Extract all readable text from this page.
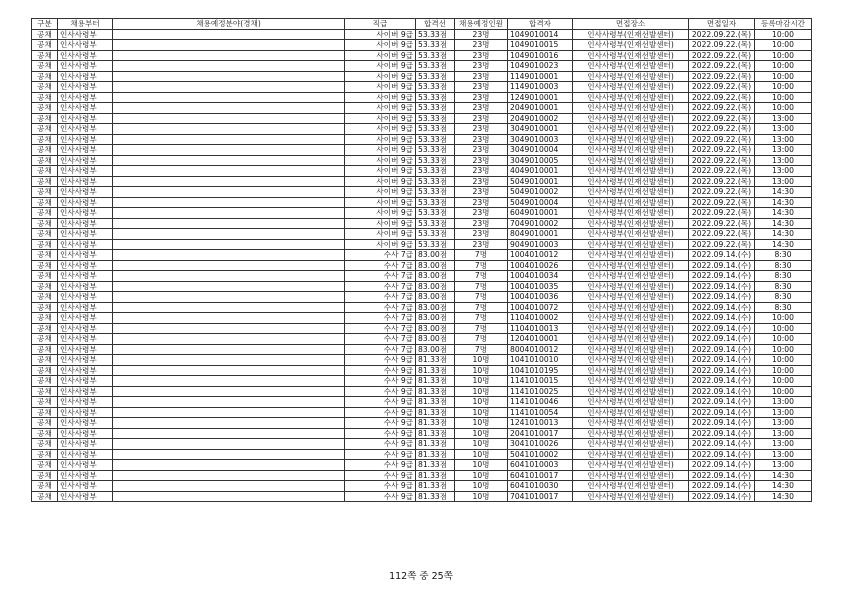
구분	채용부터	채용예정분야(경채)	직급	합격선	채용예정인원	합격자	면접장소	면접일자	등록마감시간
공채	인사사령부		사이버 9급	53.33점	23명	1049010014	인사사령부(인재선발센터)	2022.09.22.(목)	10:00
공채	인사사령부		사이버 9급	53.33점	23명	1049010015	인사사령부(인재선발센터)	2022.09.22.(목)	10:00
공채	인사사령부		사이버 9급	53.33점	23명	1049010016	인사사령부(인재선발센터)	2022.09.22.(목)	10:00
공채	인사사령부		사이버 9급	53.33점	23명	1049010023	인사사령부(인재선발센터)	2022.09.22.(목)	10:00
공채	인사사령부		사이버 9급	53.33점	23명	1149010001	인사사령부(인재선발센터)	2022.09.22.(목)	10:00
공채	인사사령부		사이버 9급	53.33점	23명	1149010003	인사사령부(인재선발센터)	2022.09.22.(목)	10:00
공채	인사사령부		사이버 9급	53.33점	23명	1249010001	인사사령부(인재선발센터)	2022.09.22.(목)	10:00
공채	인사사령부		사이버 9급	53.33점	23명	2049010001	인사사령부(인재선발센터)	2022.09.22.(목)	10:00
공채	인사사령부		사이버 9급	53.33점	23명	2049010002	인사사령부(인재선발센터)	2022.09.22.(목)	13:00
공채	인사사령부		사이버 9급	53.33점	23명	3049010001	인사사령부(인재선발센터)	2022.09.22.(목)	13:00
공채	인사사령부		사이버 9급	53.33점	23명	3049010003	인사사령부(인재선발센터)	2022.09.22.(목)	13:00
공채	인사사령부		사이버 9급	53.33점	23명	3049010004	인사사령부(인재선발센터)	2022.09.22.(목)	13:00
공채	인사사령부		사이버 9급	53.33점	23명	3049010005	인사사령부(인재선발센터)	2022.09.22.(목)	13:00
공채	인사사령부		사이버 9급	53.33점	23명	4049010001	인사사령부(인재선발센터)	2022.09.22.(목)	13:00
공채	인사사령부		사이버 9급	53.33점	23명	5049010001	인사사령부(인재선발센터)	2022.09.22.(목)	13:00
공채	인사사령부		사이버 9급	53.33점	23명	5049010002	인사사령부(인재선발센터)	2022.09.22.(목)	14:30
공채	인사사령부		사이버 9급	53.33점	23명	5049010004	인사사령부(인재선발센터)	2022.09.22.(목)	14:30
공채	인사사령부		사이버 9급	53.33점	23명	6049010001	인사사령부(인재선발센터)	2022.09.22.(목)	14:30
공채	인사사령부		사이버 9급	53.33점	23명	7049010002	인사사령부(인재선발센터)	2022.09.22.(목)	14:30
공채	인사사령부		사이버 9급	53.33점	23명	8049010001	인사사령부(인재선발센터)	2022.09.22.(목)	14:30
공채	인사사령부		사이버 9급	53.33점	23명	9049010003	인사사령부(인재선발센터)	2022.09.22.(목)	14:30
공채	인사사령부		수사 7급	83.00점	7명	1004010012	인사사령부(인재선발센터)	2022.09.14.(수)	8:30
공채	인사사령부		수사 7급	83.00점	7명	1004010026	인사사령부(인재선발센터)	2022.09.14.(수)	8:30
공채	인사사령부		수사 7급	83.00점	7명	1004010034	인사사령부(인재선발센터)	2022.09.14.(수)	8:30
공채	인사사령부		수사 7급	83.00점	7명	1004010035	인사사령부(인재선발센터)	2022.09.14.(수)	8:30
공채	인사사령부		수사 7급	83.00점	7명	1004010036	인사사령부(인재선발센터)	2022.09.14.(수)	8:30
공채	인사사령부		수사 7급	83.00점	7명	1004010072	인사사령부(인재선발센터)	2022.09.14.(수)	8:30
공채	인사사령부		수사 7급	83.00점	7명	1104010002	인사사령부(인재선발센터)	2022.09.14.(수)	10:00
공채	인사사령부		수사 7급	83.00점	7명	1104010013	인사사령부(인재선발센터)	2022.09.14.(수)	10:00
공채	인사사령부		수사 7급	83.00점	7명	1204010001	인사사령부(인재선발센터)	2022.09.14.(수)	10:00
공채	인사사령부		수사 7급	83.00점	7명	8004010012	인사사령부(인재선발센터)	2022.09.14.(수)	10:00
공채	인사사령부		수사 9급	81.33점	10명	1041010010	인사사령부(인재선발센터)	2022.09.14.(수)	10:00
공채	인사사령부		수사 9급	81.33점	10명	1041010195	인사사령부(인재선발센터)	2022.09.14.(수)	10:00
공채	인사사령부		수사 9급	81.33점	10명	1141010015	인사사령부(인재선발센터)	2022.09.14.(수)	10:00
공채	인사사령부		수사 9급	81.33점	10명	1141010025	인사사령부(인재선발센터)	2022.09.14.(수)	10:00
공채	인사사령부		수사 9급	81.33점	10명	1141010046	인사사령부(인재선발센터)	2022.09.14.(수)	13:00
공채	인사사령부		수사 9급	81.33점	10명	1141010054	인사사령부(인재선발센터)	2022.09.14.(수)	13:00
공채	인사사령부		수사 9급	81.33점	10명	1241010013	인사사령부(인재선발센터)	2022.09.14.(수)	13:00
공채	인사사령부		수사 9급	81.33점	10명	2041010017	인사사령부(인재선발센터)	2022.09.14.(수)	13:00
공채	인사사령부		수사 9급	81.33점	10명	3041010026	인사사령부(인재선발센터)	2022.09.14.(수)	13:00
공채	인사사령부		수사 9급	81.33점	10명	5041010002	인사사령부(인재선발센터)	2022.09.14.(수)	13:00
공채	인사사령부		수사 9급	81.33점	10명	6041010003	인사사령부(인재선발센터)	2022.09.14.(수)	13:00
공채	인사사령부		수사 9급	81.33점	10명	6041010017	인사사령부(인재선발센터)	2022.09.14.(수)	14:30
공채	인사사령부		수사 9급	81.33점	10명	6041010030	인사사령부(인재선발센터)	2022.09.14.(수)	14:30
공채	인사사령부		수사 9급	81.33점	10명	7041010017	인사사령부(인재선발센터)	2022.09.14.(수)	14:30
112쪽 중 25쪽
